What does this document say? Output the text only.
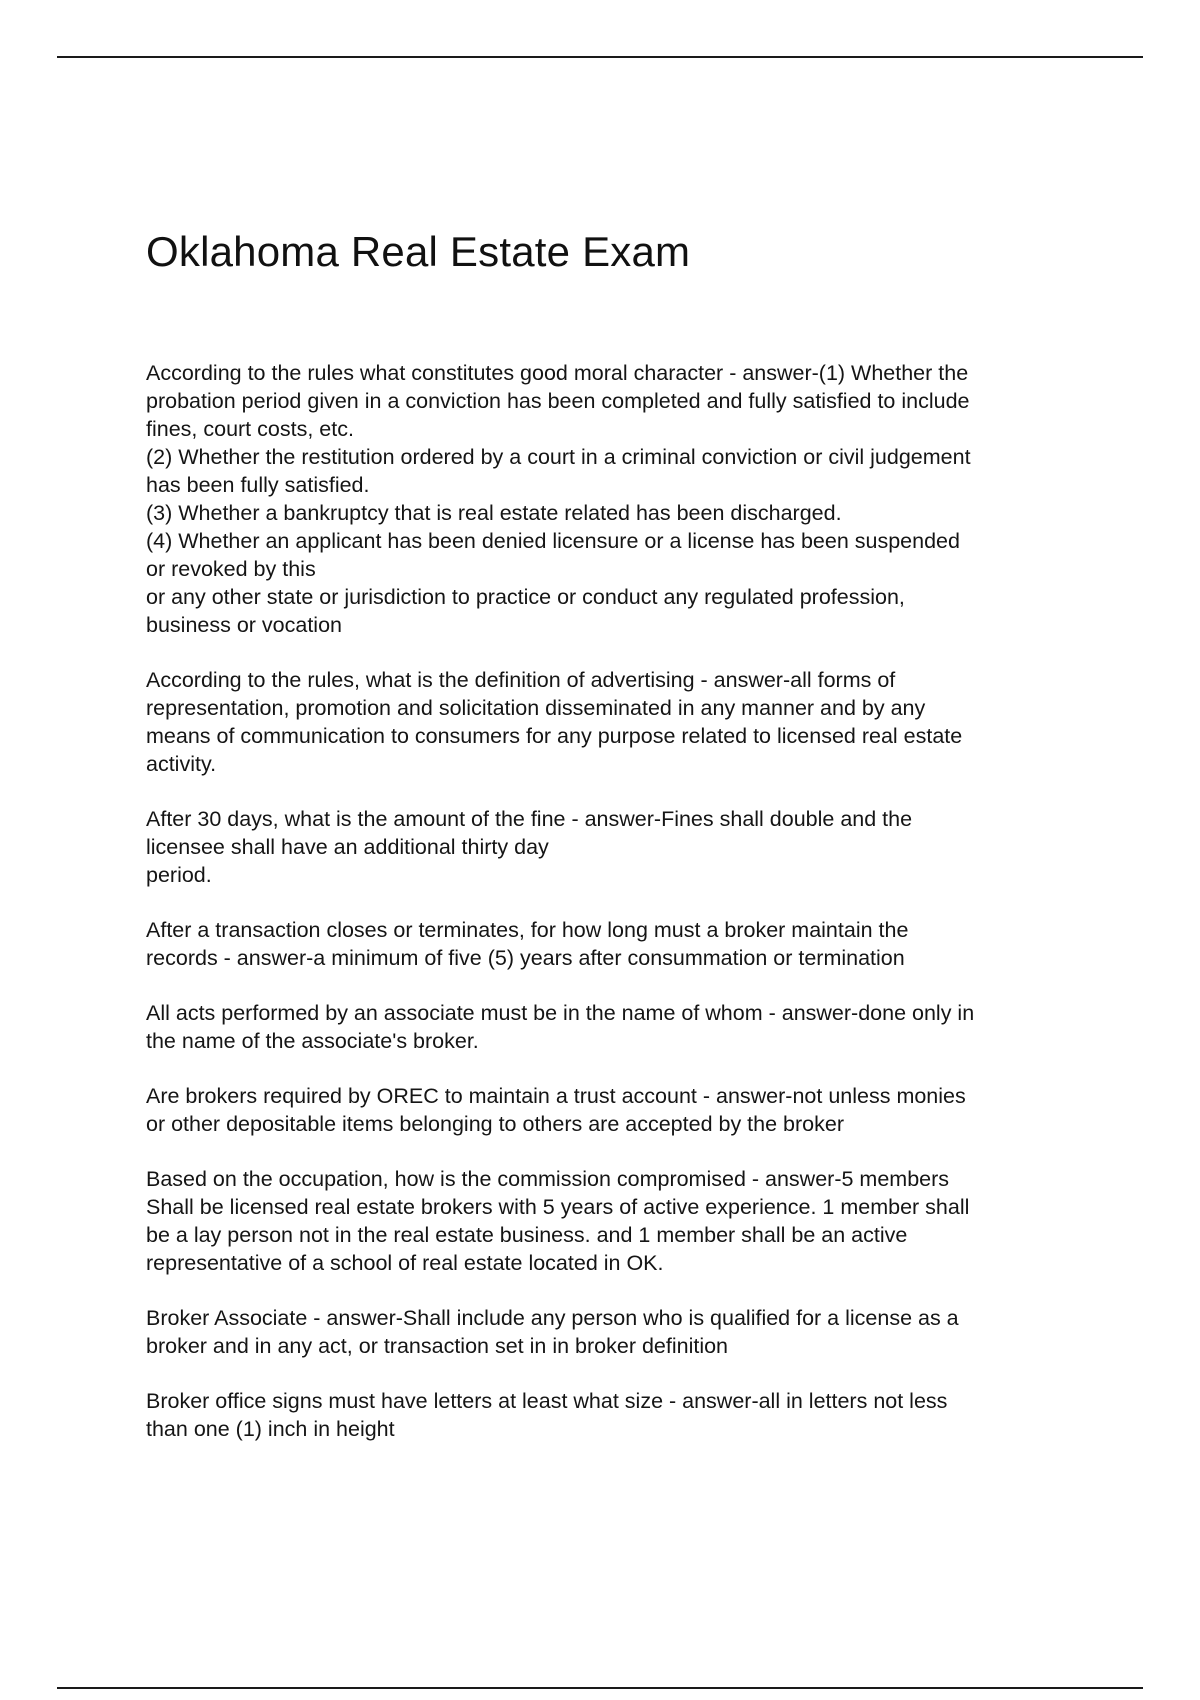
Oklahoma Real Estate Exam
According to the rules what constitutes good moral character - answer-(1) Whether the
probation period given in a conviction has been completed and fully satisfied to include
fines, court costs, etc.
(2) Whether the restitution ordered by a court in a criminal conviction or civil judgement
has been fully satisfied.
(3) Whether a bankruptcy that is real estate related has been discharged.
(4) Whether an applicant has been denied licensure or a license has been suspended
or revoked by this
or any other state or jurisdiction to practice or conduct any regulated profession,
business or vocation
According to the rules, what is the definition of advertising - answer-all forms of
representation, promotion and solicitation disseminated in any manner and by any
means of communication to consumers for any purpose related to licensed real estate
activity.
After 30 days, what is the amount of the fine - answer-Fines shall double and the
licensee shall have an additional thirty day
period.
After a transaction closes or terminates, for how long must a broker maintain the
records - answer-a minimum of five (5) years after consummation or termination
All acts performed by an associate must be in the name of whom - answer-done only in
the name of the associate's broker.
Are brokers required by OREC to maintain a trust account - answer-not unless monies
or other depositable items belonging to others are accepted by the broker
Based on the occupation, how is the commission compromised - answer-5 members
Shall be licensed real estate brokers with 5 years of active experience. 1 member shall
be a lay person not in the real estate business. and 1 member shall be an active
representative of a school of real estate located in OK.
Broker Associate - answer-Shall include any person who is qualified for a license as a
broker and in any act, or transaction set in in broker definition
Broker office signs must have letters at least what size - answer-all in letters not less
than one (1) inch in height
